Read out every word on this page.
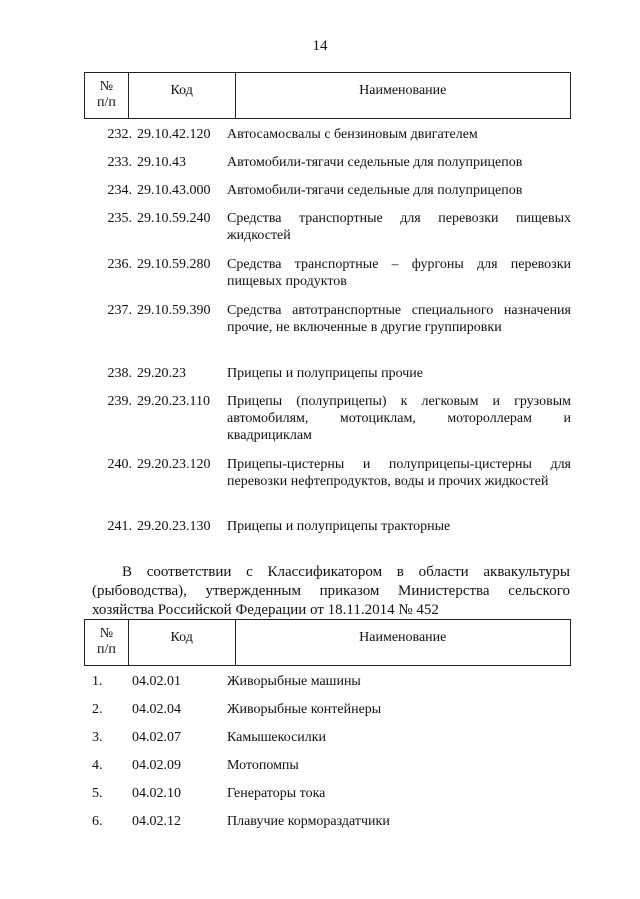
14
№
п/п
	Код	Наименование
232. 29.10.42.120	Автосамосвалы с бензиновым двигателем
233. 29.10.43	Автомобили-тягачи седельные для полуприцепов
234. 29.10.43.000	Автомобили-тягачи седельные для полуприцепов
235. 29.10.59.240	Средства транспортные для перевозки пищевых жидкостей
236. 29.10.59.280	Средства транспортные – фургоны для перевозки пищевых продуктов
237. 29.10.59.390	Средства автотранспортные специального назначения прочие, не включенные в другие группировки
238. 29.20.23	Прицепы и полуприцепы прочие
239. 29.20.23.110	Прицепы (полуприцепы) к легковым и грузовым автомобилям, мотоциклам, мотороллерам и квадрициклам
240. 29.20.23.120	Прицепы-цистерны и полуприцепы-цистерны для перевозки нефтепродуктов, воды и прочих жидкостей
241. 29.20.23.130	Прицепы и полуприцепы тракторные
В соответствии с Классификатором в области аквакультуры (рыбоводства), утвержденным приказом Министерства сельского хозяйства Российской Федерации от 18.11.2014 № 452
№
п/п
	Код	Наименование
1.	04.02.01	Живорыбные машины
2.	04.02.04	Живорыбные контейнеры
3.	04.02.07	Камышекосилки
4.	04.02.09	Мотопомпы
5.	04.02.10	Генераторы тока
6.	04.02.12	Плавучие кормораздатчики
